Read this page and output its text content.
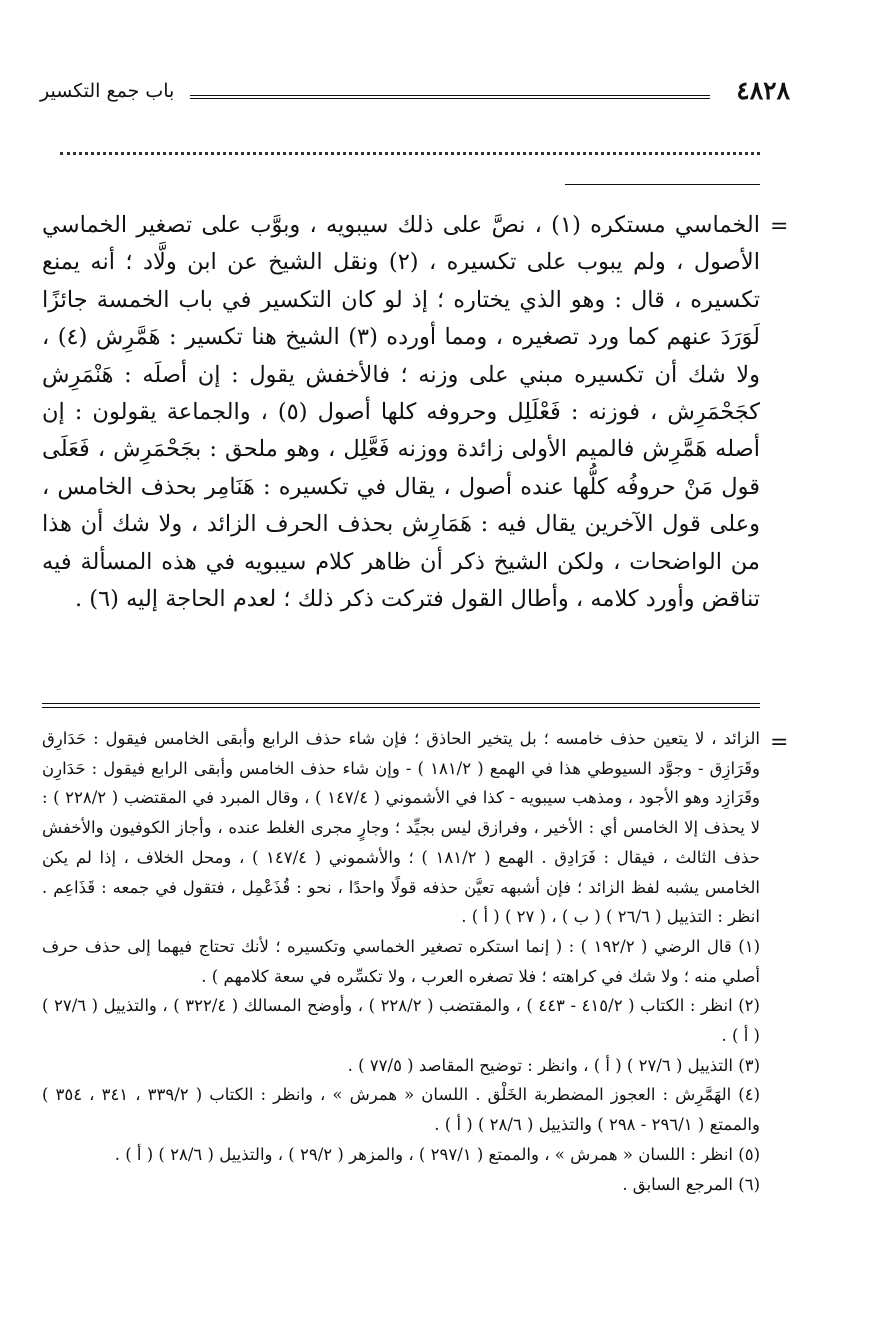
٤٨٢٨
باب جمع التكسير
=
الخماسي مستكره (١) ، نصَّ على ذلك سيبويه ، وبوَّب على تصغير الخماسي الأصول ، ولم يبوب على تكسيره ، (٢) ونقل الشيخ عن ابن ولَّاد ؛ أنه يمنع تكسيره ، قال : وهو الذي يختاره ؛ إذ لو كان التكسير في باب الخمسة جائزًا لَوَرَدَ عنهم كما ورد تصغيره ، ومما أورده (٣) الشيخ هنا تكسير : هَمَّرِش (٤) ، ولا شك أن تكسيره مبني على وزنه ؛ فالأخفش يقول : إن أصلَه : هَنْمَرِش كجَحْمَرِش ، فوزنه : فَعْلَلِل وحروفه كلها أصول (٥) ، والجماعة يقولون : إن أصله هَمَّرِش فالميم الأولى زائدة ووزنه فَعَّلِل ، وهو ملحق : بجَحْمَرِش ، فَعَلَى قول مَنْ حروفُه كلُّها عنده أصول ، يقال في تكسيره : هَنَامِر بحذف الخامس ، وعلى قول الآخرين يقال فيه : هَمَارِش بحذف الحرف الزائد ، ولا شك أن هذا من الواضحات ، ولكن الشيخ ذكر أن ظاهر كلام سيبويه في هذه المسألة فيه تناقض وأورد كلامه ، وأطال القول فتركت ذكر ذلك ؛ لعدم الحاجة إليه (٦) .
=

الزائد ، لا يتعين حذف خامسه ؛ بل يتخير الحاذق ؛ فإن شاء حذف الرابع وأبقى الخامس فيقول : حَدَارِق وقَرَازِق - وجوَّد السيوطي هذا في الهمع ( ١٨١/٢ ) - وإن شاء حذف الخامس وأبقى الرابع فيقول : حَدَارِن وقَرَازِد وهو الأجود ، ومذهب سيبويه - كذا في الأشموني ( ١٤٧/٤ ) ، وقال المبرد في المقتضب ( ٢٢٨/٢ ) : لا يحذف إلا الخامس أي : الأخير ، وفرازق ليس بجيِّد ؛ وجارٍ مجرى الغلط عنده ، وأجاز الكوفيون والأخفش حذف الثالث ، فيقال : فَرَادِق . الهمع ( ١٨١/٢ ) ؛ والأشموني ( ١٤٧/٤ ) ، ومحل الخلاف ، إذا لم يكن الخامس يشبه لفظ الزائد ؛ فإن أشبهه تعيَّن حذفه قولًا واحدًا ، نحو : قُذَعْمِل ، فتقول في جمعه : قَذَاعِم . انظر : التذييل ( ٢٦/٦ ) ( ب ) ، ( ٢٧ ) ( أ ) .

(١) قال الرضي ( ١٩٢/٢ ) : ( إنما استكره تصغير الخماسي وتكسيره ؛ لأنك تحتاج فيهما إلى حذف حرف أصلي منه ؛ ولا شك في كراهته ؛ فلا تصغره العرب ، ولا تكسِّره في سعة كلامهم ) .

(٢) انظر : الكتاب ( ٤١٥/٢ - ٤٤٣ ) ، والمقتضب ( ٢٢٨/٢ ) ، وأوضح المسالك ( ٣٢٢/٤ ) ، والتذييل ( ٢٧/٦ ) ( أ ) .

(٣) التذييل ( ٢٧/٦ ) ( أ ) ، وانظر : توضيح المقاصد ( ٧٧/٥ ) .

(٤) الهَمَّرِش : العجوز المضطربة الخَلْق . اللسان « همرش » ، وانظر : الكتاب ( ٣٣٩/٢ ، ٣٤١ ، ٣٥٤ ) والممتع ( ٢٩٦/١ - ٢٩٨ ) والتذييل ( ٢٨/٦ ) ( أ ) .

(٥) انظر : اللسان « همرش » ، والممتع ( ٢٩٧/١ ) ، والمزهر ( ٢٩/٢ ) ، والتذييل ( ٢٨/٦ ) ( أ ) .

(٦) المرجع السابق .
